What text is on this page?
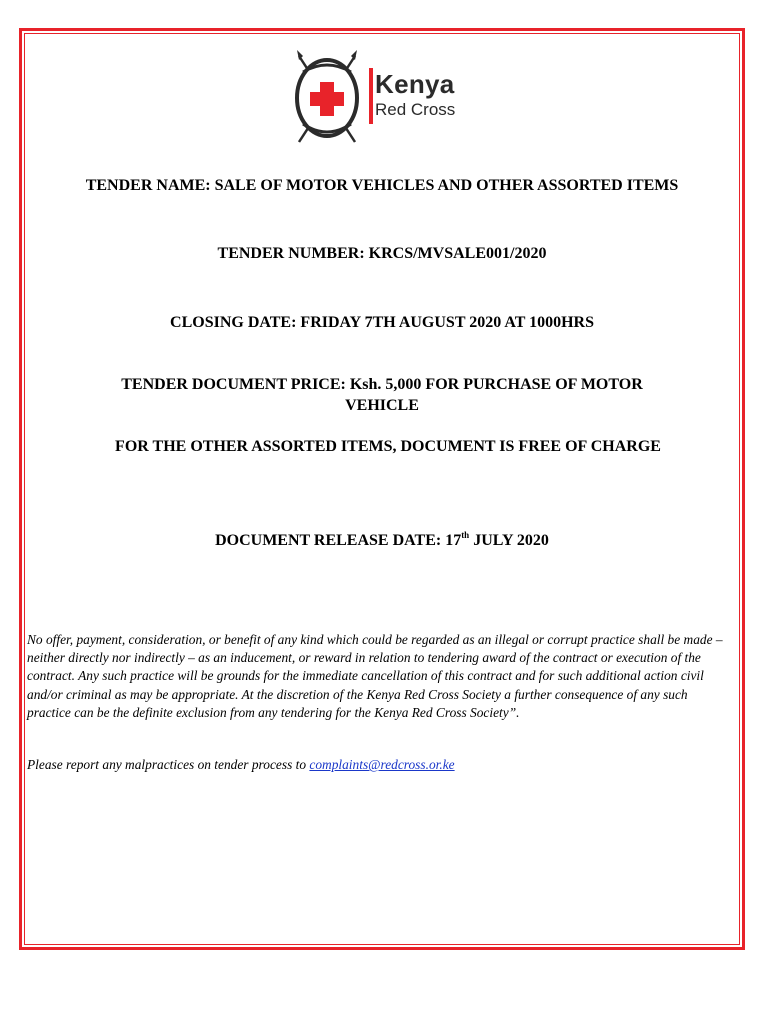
Kenya
Red Cross
TENDER NAME: SALE OF MOTOR VEHICLES AND OTHER ASSORTED ITEMS
TENDER NUMBER: KRCS/MVSALE001/2020
CLOSING DATE: FRIDAY 7TH AUGUST 2020 AT 1000HRS
TENDER DOCUMENT PRICE: Ksh. 5,000 FOR PURCHASE OF MOTOR
VEHICLE
FOR THE OTHER ASSORTED ITEMS, DOCUMENT IS FREE OF CHARGE
DOCUMENT RELEASE DATE: 17th JULY 2020
No offer, payment, consideration, or benefit of any kind which could be regarded as an illegal or corrupt practice shall be made – neither directly nor indirectly – as an inducement, or reward in relation to tendering award of the contract or execution of the contract. Any such practice will be grounds for the immediate cancellation of this contract and for such additional action civil and/or criminal as may be appropriate. At the discretion of the Kenya Red Cross Society a further consequence of any such practice can be the definite exclusion from any tendering for the Kenya Red Cross Society”.
Please report any malpractices on tender process to complaints@redcross.or.ke
